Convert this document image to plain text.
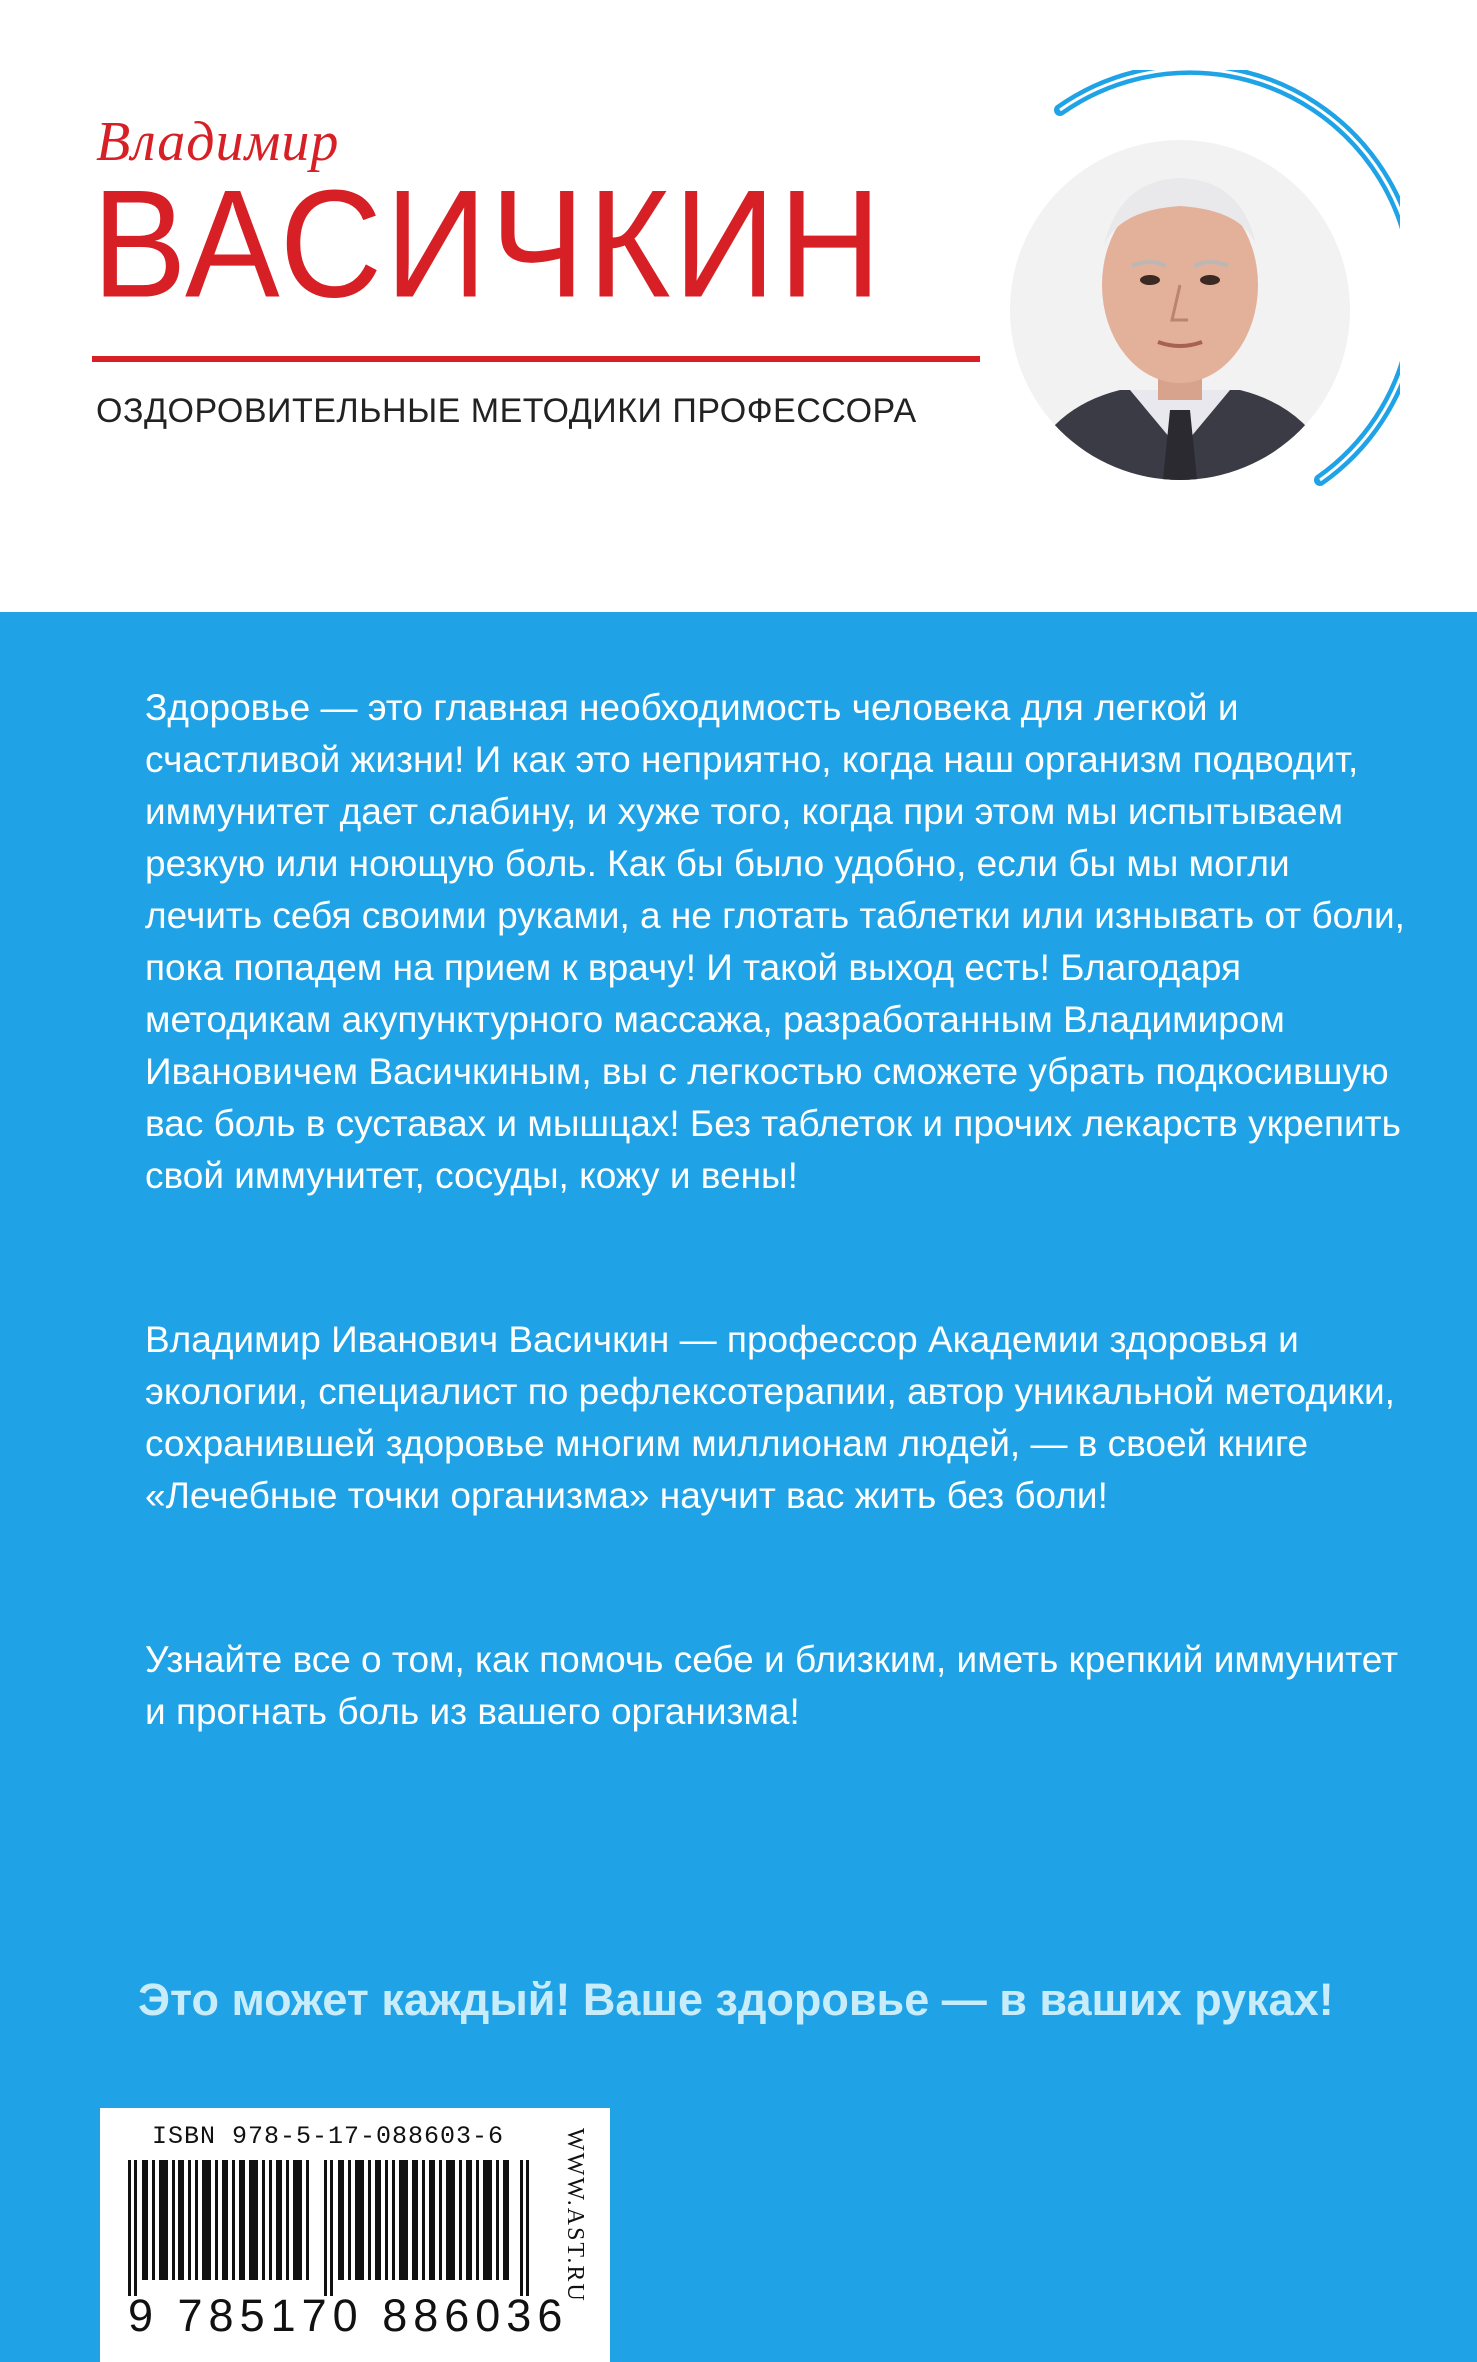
Владимир
ВАСИЧКИН
ОЗДОРОВИТЕЛЬНЫЕ МЕТОДИКИ ПРОФЕССОРА

Здоровье — это главная необходимость человека для легкой и счастливой жизни! И как это неприятно, когда наш организм подводит, иммунитет дает слабину, и хуже того, когда при этом мы испытываем резкую или ноющую боль. Как бы было удобно, если бы мы могли лечить себя своими руками, а не глотать таблетки или изнывать от боли, пока попадем на прием к врачу! И такой выход есть! Благодаря методикам акупунктурного массажа, разработанным Владимиром Ивановичем Васичкиным, вы с легкостью сможете убрать подкосившую вас боль в суставах и мышцах! Без таблеток и прочих лекарств укрепить свой иммунитет, сосуды, кожу и вены!

Владимир Иванович Васичкин — профессор Академии здоровья и экологии, специалист по рефлексотерапии, автор уникальной методики, сохранившей здоровье многим миллионам людей, — в своей книге «Лечебные точки организма» научит вас жить без боли!

Узнайте все о том, как помочь себе и близким, иметь крепкий иммунитет и прогнать боль из вашего организма!

Это может каждый! Ваше здоровье — в ваших руках!

ISBN 978-5-17-088603-6
9 785170 886036
WWW.AST.RU
